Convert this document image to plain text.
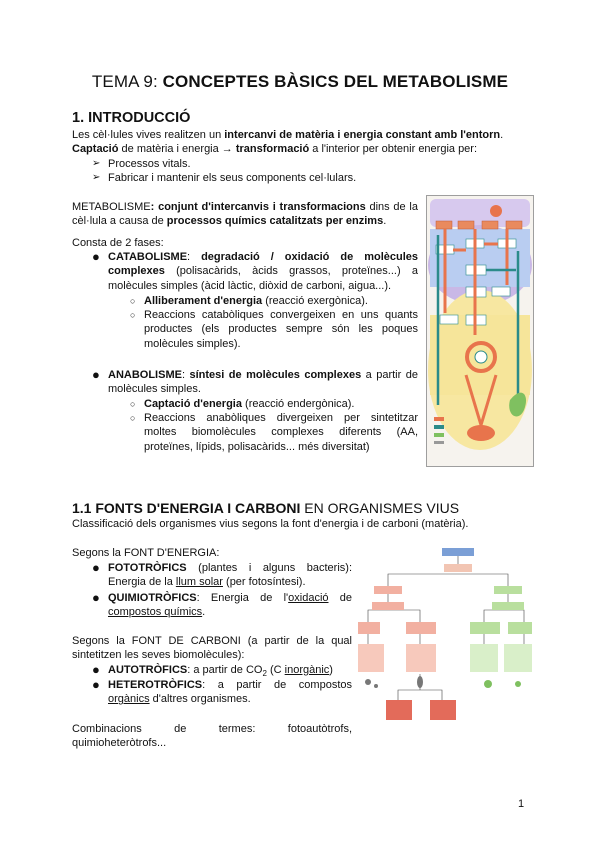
TEMA 9: CONCEPTES BÀSICS DEL METABOLISME
1. INTRODUCCIÓ
Les cèl·lules vives realitzen un intercanvi de matèria i energia constant amb l'entorn.
Captació de matèria i energia → transformació a l'interior per obtenir energia per:
➢ Processos vitals.
➢ Fabricar i mantenir els seus components cel·lulars.
METABOLISME: conjunt d'intercanvis i transformacions dins de la cèl·lula a causa de processos químics catalitzats per enzims.
Consta de 2 fases:
● CATABOLISME: degradació / oxidació de molècules complexes (polisacàrids, àcids grassos, proteïnes...) a molècules simples (àcid làctic, diòxid de carboni, aigua...).
○ Alliberament d'energia (reacció exergònica).
○ Reaccions catabòliques convergeixen en uns quants productes (els productes sempre són les poques molècules simples).
● ANABOLISME: síntesi de molècules complexes a partir de molècules simples.
○ Captació d'energia (reacció endergònica).
○ Reaccions anabòliques divergeixen per sintetitzar moltes biomolècules complexes diferents (AA, proteïnes, lípids, polisacàrids... més diversitat)
1.1 FONTS D'ENERGIA I CARBONI EN ORGANISMES VIUS
Classificació dels organismes vius segons la font d'energia i de carboni (matèria).
Segons la FONT D'ENERGIA:
● FOTOTRÒFICS (plantes i alguns bacteris): Energia de la llum solar (per fotosíntesi).
● QUIMIOTRÒFICS: Energia de l'oxidació de compostos químics.
Segons la FONT DE CARBONI (a partir de la qual sintetitzen les seves biomolècules):
● AUTOTRÒFICS: a partir de $CO_2$ (C inorgànic)
● HETEROTRÒFICS: a partir de compostos orgànics d'altres organismes.
Combinacions de termes: fotoautòtrofs, quimioheteròtrofs...
1
